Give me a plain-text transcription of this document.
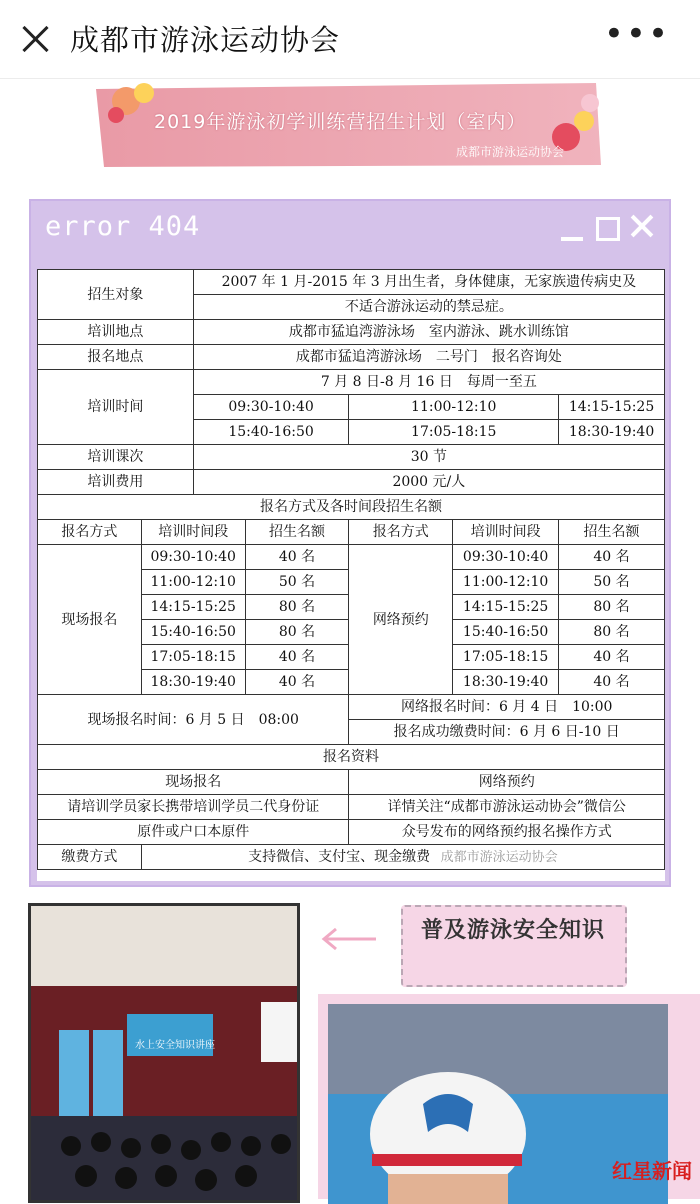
成都市游泳运动协会	•••
2019年游泳初学训练营招生计划（室内）
成都市游泳运动协会
error 404
招生对象		2007 年 1 月-2015 年 3 月出生者，身体健康，无家族遗传病史及				
		不适合游泳运动的禁忌症。				
培训地点		成都市猛追湾游泳场　室内游泳、跳水训练馆				
报名地点		成都市猛追湾游泳场　二号门　报名咨询处				
培训时间		7 月 8 日-8 月 16 日　每周一至五				
		09:30-10:40		11:00-12:10		14:15-15:25
		15:40-16:50		17:05-18:15		18:30-19:40
培训课次		30 节				
培训费用		2000 元/人				
报名方式及各时间段招生名额						
报名方式	培训时间段		招生名额	报名方式	培训时间段	招生名额
现场报名	09:30-10:40		40 名	网络预约	09:30-10:40	40 名
	11:00-12:10		50 名		11:00-12:10	50 名
	14:15-15:25		80 名		14:15-15:25	80 名
	15:40-16:50		80 名		15:40-16:50	80 名
	17:05-18:15		40 名		17:05-18:15	40 名
	18:30-19:40		40 名		18:30-19:40	40 名
现场报名时间：6 月 5 日　08:00				网络报名时间：6 月 4 日　10:00		
				报名成功缴费时间：6 月 6 日-10 日		
报名资料						
现场报名				网络预约		
请培训学员家长携带培训学员二代身份证				详情关注“成都市游泳运动协会”微信公		
原件或户口本原件				众号发布的网络预约报名操作方式		
缴费方式	支持微信、支付宝、现金缴费 成都市游泳运动协会					
普及游泳安全知识
水上安全知识讲座
红星新闻
